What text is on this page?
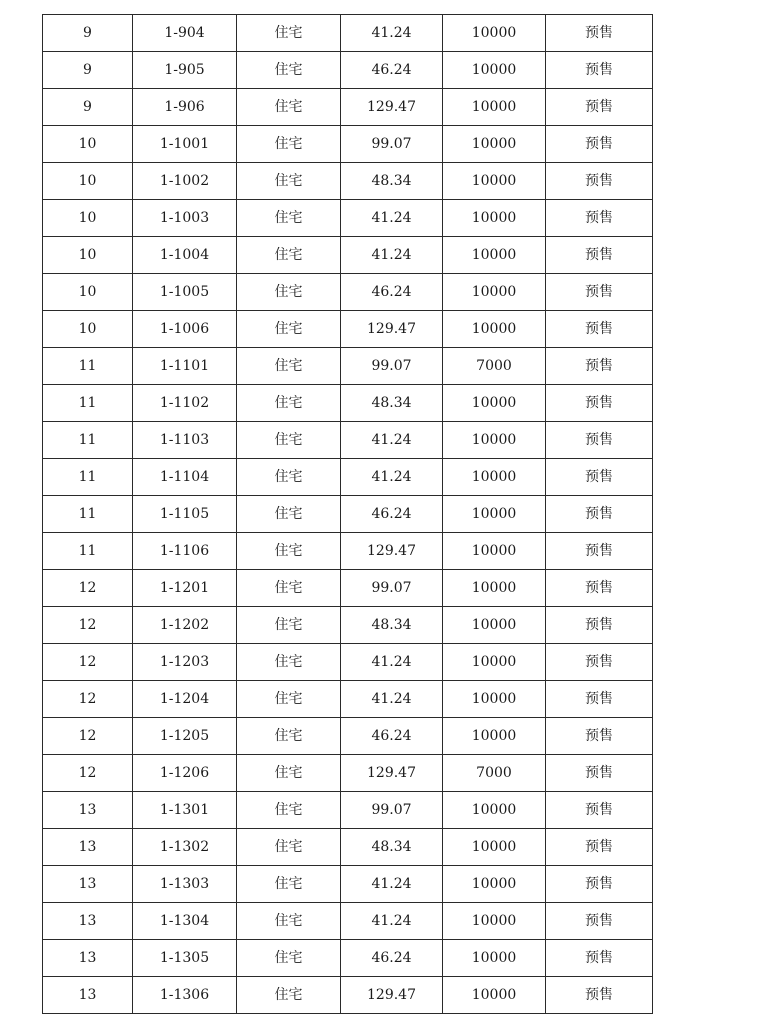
9	1-904	住宅	41.24	10000	预售
9	1-905	住宅	46.24	10000	预售
9	1-906	住宅	129.47	10000	预售
10	1-1001	住宅	99.07	10000	预售
10	1-1002	住宅	48.34	10000	预售
10	1-1003	住宅	41.24	10000	预售
10	1-1004	住宅	41.24	10000	预售
10	1-1005	住宅	46.24	10000	预售
10	1-1006	住宅	129.47	10000	预售
11	1-1101	住宅	99.07	7000	预售
11	1-1102	住宅	48.34	10000	预售
11	1-1103	住宅	41.24	10000	预售
11	1-1104	住宅	41.24	10000	预售
11	1-1105	住宅	46.24	10000	预售
11	1-1106	住宅	129.47	10000	预售
12	1-1201	住宅	99.07	10000	预售
12	1-1202	住宅	48.34	10000	预售
12	1-1203	住宅	41.24	10000	预售
12	1-1204	住宅	41.24	10000	预售
12	1-1205	住宅	46.24	10000	预售
12	1-1206	住宅	129.47	7000	预售
13	1-1301	住宅	99.07	10000	预售
13	1-1302	住宅	48.34	10000	预售
13	1-1303	住宅	41.24	10000	预售
13	1-1304	住宅	41.24	10000	预售
13	1-1305	住宅	46.24	10000	预售
13	1-1306	住宅	129.47	10000	预售
